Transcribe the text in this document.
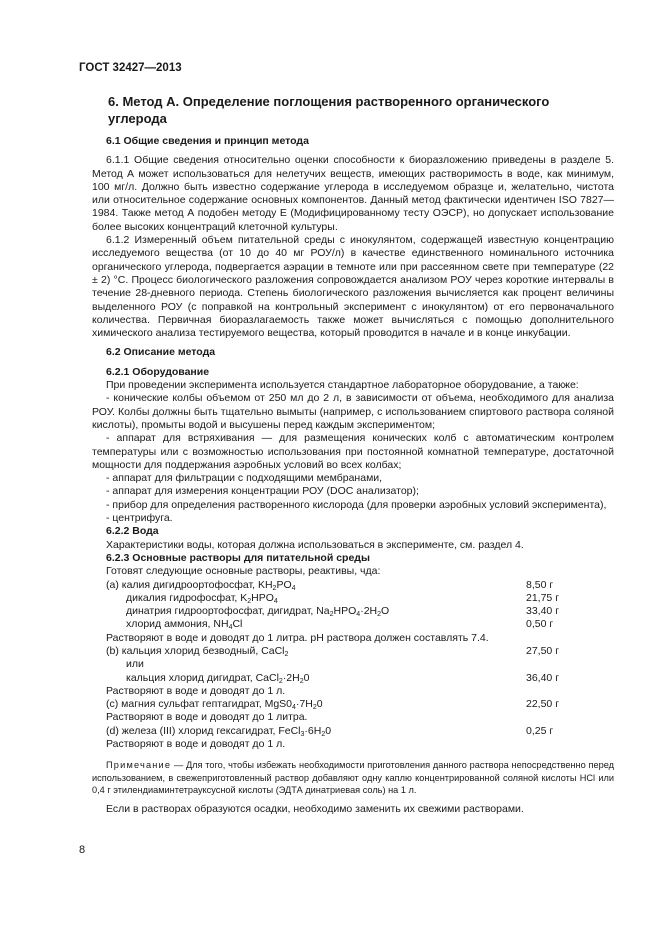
ГОСТ 32427—2013
6. Метод А. Определение поглощения растворенного органического углерода

6.1 Общие сведения и принцип метода

6.1.1 Общие сведения относительно оценки способности к биоразложению приведены в разделе 5. Метод А может использоваться для нелетучих веществ, имеющих растворимость в воде, как минимум, 100 мг/л. Должно быть известно содержание углерода в исследуемом образце и, желательно, чистота или относительное содержание основных компонентов. Данный метод фактически идентичен ISO 7827—1984. Также метод А подобен методу Е (Модифицированному тесту ОЭСР), но допускает использование более высоких концентраций клеточной культуры.

6.1.2 Измеренный объем питательной среды с инокулянтом, содержащей известную концентрацию исследуемого вещества (от 10 до 40 мг РОУ/л) в качестве единственного номинального источника органического углерода, подвергается аэрации в темноте или при рассеянном свете при температуре (22 ± 2) °С. Процесс биологического разложения сопровождается анализом РОУ через короткие интервалы в течение 28-дневного периода. Степень биологического разложения вычисляется как процент величины выделенного РОУ (с поправкой на контрольный эксперимент с инокулянтом) от его первоначального количества. Первичная биоразлагаемость также может вычисляться с помощью дополнительного химического анализа тестируемого вещества, который проводится в начале и в конце инкубации.

6.2 Описание метода

6.2.1 Оборудование

При проведении эксперимента используется стандартное лабораторное оборудование, а также:

- конические колбы объемом от 250 мл до 2 л, в зависимости от объема, необходимого для анализа РОУ. Колбы должны быть тщательно вымыты (например, с использованием спиртового раствора соляной кислоты), промыты водой и высушены перед каждым экспериментом;

- аппарат для встряхивания — для размещения конических колб с автоматическим контролем температуры или с возможностью использования при постоянной комнатной температуре, достаточной мощности для поддержания аэробных условий во всех колбах;

- аппарат для фильтрации с подходящими мембранами,

- аппарат для измерения концентрации РОУ (DOC анализатор);

- прибор для определения растворенного кислорода (для проверки аэробных условий эксперимента),

- центрифуга.

6.2.2 Вода

Характеристики воды, которая должна использоваться в эксперименте, см. раздел 4.

6.2.3 Основные растворы для питательной среды

Готовят следующие основные растворы, реактивы, чда:

(а) калия дигидроортофосфат, $KH_2PO_4$	8,50 г
дикалия гидрофосфат, $K_2HPO_4$	21,75 г
динатрия гидроортофосфат, дигидрат, $Na_2HPO_4\cdot 2H_2O$	33,40 г
хлорид аммония, $NH_4Cl$	0,50 г

Растворяют в воде и доводят до 1 литра. pH раствора должен составлять 7.4.

(b) кальция хлорид безводный, CaCl$_2$	27,50 г
или
кальция хлорид дигидрат, $CaCl_2\cdot 2H_20$	36,40 г

Растворяют в воде и доводят до 1 л.

(c) магния сульфат гептагидрат, $MgS0_4\cdot 7H_20$	22,50 г

Растворяют в воде и доводят до 1 литра.

(d) железа (III) хлорид гексагидрат, $FeCl_3\cdot 6H_20$	0,25 г

Растворяют в воде и доводят до 1 л.

Примечание — Для того, чтобы избежать необходимости приготовления данного раствора непосредственно перед использованием, в свежеприготовленный раствор добавляют одну каплю концентрированной соляной кислоты HCl или 0,4 г этилендиаминтетрауксусной кислоты (ЭДТА динатриевая соль) на 1 л.

Если в растворах образуются осадки, необходимо заменить их свежими растворами.

8
